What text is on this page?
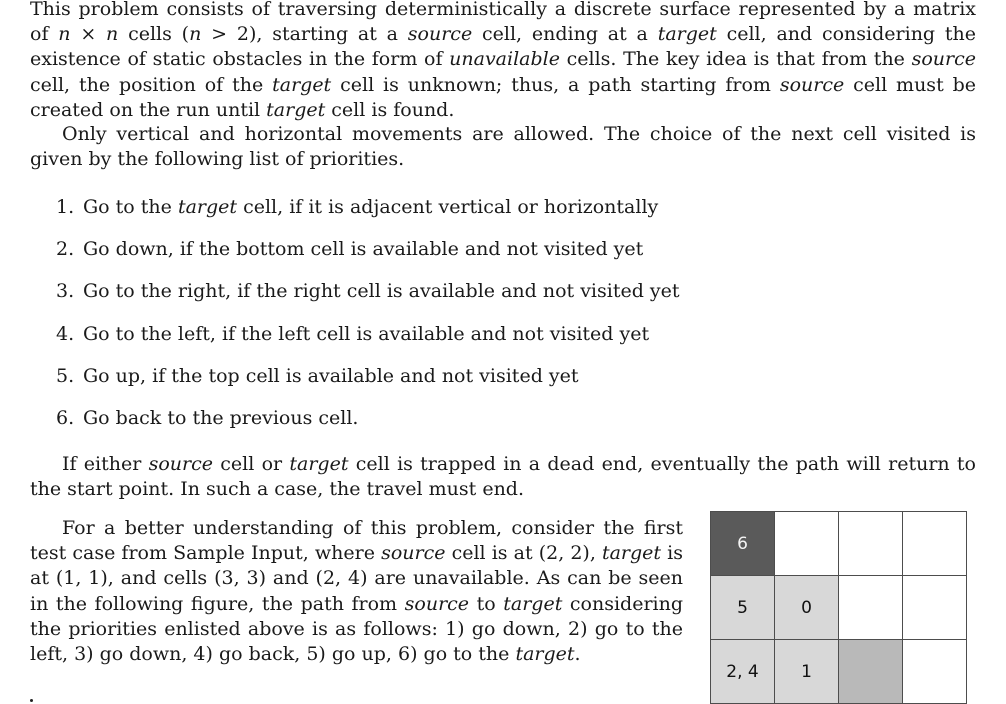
This problem consists of traversing deterministically a discrete surface represented by a matrix of n × n cells (n > 2), starting at a source cell, ending at a target cell, and considering the existence of static obstacles in the form of unavailable cells. The key idea is that from the source cell, the position of the target cell is unknown; thus, a path starting from source cell must be created on the run until target cell is found.

Only vertical and horizontal movements are allowed. The choice of the next cell visited is given by the following list of priorities.

1. Go to the target cell, if it is adjacent vertical or horizontally
2. Go down, if the bottom cell is available and not visited yet
3. Go to the right, if the right cell is available and not visited yet
4. Go to the left, if the left cell is available and not visited yet
5. Go up, if the top cell is available and not visited yet
6. Go back to the previous cell.

If either source cell or target cell is trapped in a dead end, eventually the path will return to the start point. In such a case, the travel must end.

For a better understanding of this problem, consider the first test case from Sample Input, where source cell is at (2, 2), target is at (1, 1), and cells (3, 3) and (2, 4) are unavailable. As can be seen in the following figure, the path from source to target considering the priorities enlisted above is as follows: 1) go down, 2) go to the left, 3) go down, 4) go back, 5) go up, 6) go to the target.

6			
5	0		
2, 4	1		
